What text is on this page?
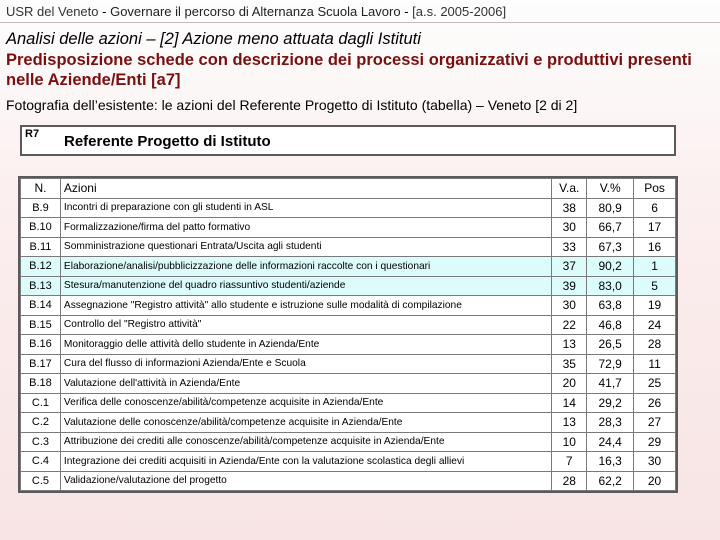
USR del Veneto - Governare il percorso di Alternanza Scuola Lavoro - [a.s. 2005-2006]
Analisi delle azioni – [2] Azione meno attuata dagli Istituti
Predisposizione schede con descrizione dei processi organizzativi e produttivi presenti nelle Aziende/Enti [a7]
Fotografia dell’esistente: le azioni del Referente Progetto di Istituto (tabella) – Veneto [2 di 2]
R7 Referente Progetto di Istituto
N.	Azioni	V.a.	V.%	Pos
B.9	Incontri di preparazione con gli studenti in ASL	38	80,9	6
B.10	Formalizzazione/firma del patto formativo	30	66,7	17
B.11	Somministrazione questionari Entrata/Uscita agli studenti	33	67,3	16
B.12	Elaborazione/analisi/pubblicizzazione delle informazioni raccolte con i questionari	37	90,2	1
B.13	Stesura/manutenzione del quadro riassuntivo studenti/aziende	39	83,0	5
B.14	Assegnazione "Registro attività" allo studente e istruzione sulle modalità di compilazione	30	63,8	19
B.15	Controllo del "Registro attività"	22	46,8	24
B.16	Monitoraggio delle attività dello studente in Azienda/Ente	13	26,5	28
B.17	Cura del flusso di informazioni Azienda/Ente e Scuola	35	72,9	11
B.18	Valutazione dell'attività in Azienda/Ente	20	41,7	25
C.1	Verifica delle conoscenze/abilità/competenze acquisite in Azienda/Ente	14	29,2	26
C.2	Valutazione delle conoscenze/abilità/competenze acquisite in Azienda/Ente	13	28,3	27
C.3	Attribuzione dei crediti alle conoscenze/abilità/competenze acquisite in Azienda/Ente	10	24,4	29
C.4	Integrazione dei crediti acquisiti in Azienda/Ente con la valutazione scolastica degli allievi	7	16,3	30
C.5	Validazione/valutazione del progetto	28	62,2	20
